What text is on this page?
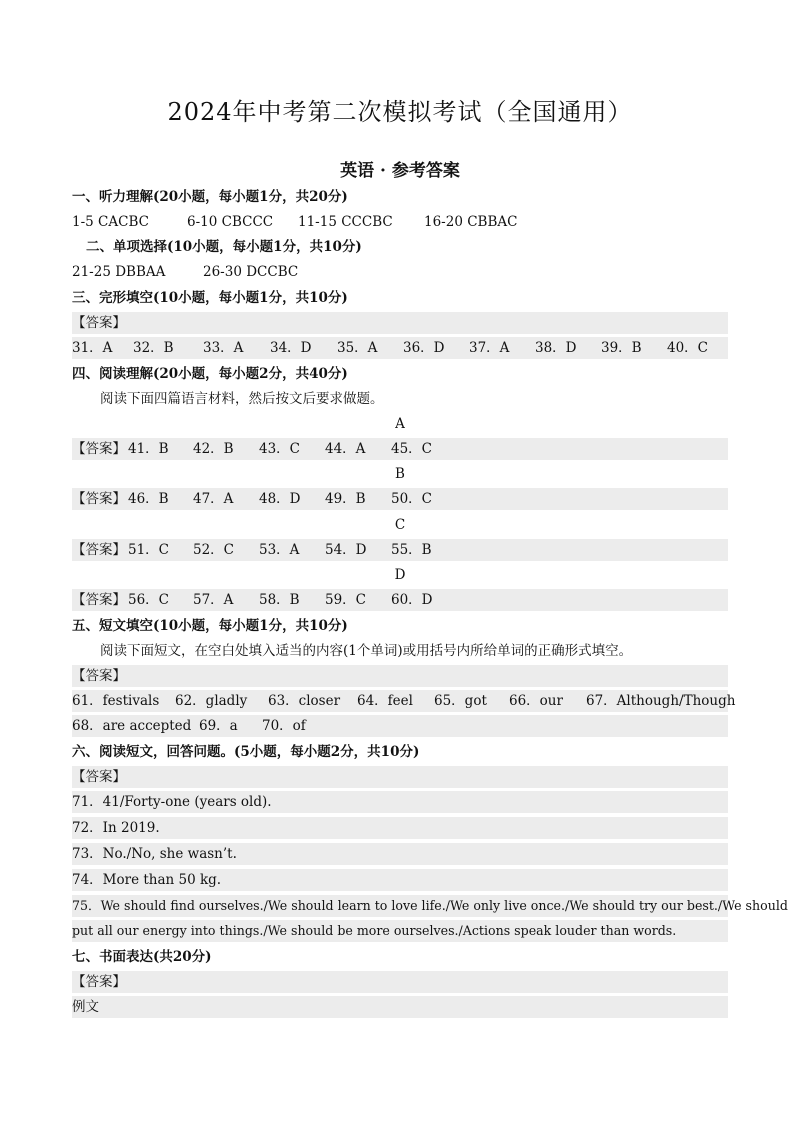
2024年中考第二次模拟考试（全国通用）
英语 · 参考答案
一、听力理解(20小题，每小题1分，共20分)
1-5 CACBC	6-10 CBCCC 11-15 CCCBC 16-20 CBBAC
二、单项选择(10小题，每小题1分，共10分)
21-25 DBBAA	26-30 DCCBC
三、完形填空(10小题，每小题1分，共10分)
【答案】
31．A 32．B 33．A 34．D 35．A 36．D 37．A 38．D 39．B 40．C
四、阅读理解(20小题，每小题2分，共40分)
阅读下面四篇语言材料，然后按文后要求做题。
A
【答案】 41．B 42．B 43．C 44．A 45．C
B
【答案】 46．B 47．A 48．D 49．B 50．C
C
【答案】 51．C 52．C 53．A 54．D 55．B
D
【答案】 56．C 57．A 58．B 59．C 60．D
五、短文填空(10小题，每小题1分，共10分)
阅读下面短文，在空白处填入适当的内容(1个单词)或用括号内所给单词的正确形式填空。
【答案】
61．festivals 62．gladly 63．closer 64．feel 65．got 66．our 67．Although/Though
68．are accepted 69．a 70．of
六、阅读短文，回答问题。(5小题，每小题2分，共10分)
【答案】
71．41/Forty-one (years old).
72．In 2019.
73．No./No, she wasn’t.
74．More than 50 kg.
75．We should find ourselves./We should learn to love life./We only live once./We should try our best./We should
put all our energy into things./We should be more ourselves./Actions speak louder than words.
七、书面表达(共20分)
【答案】
例文
